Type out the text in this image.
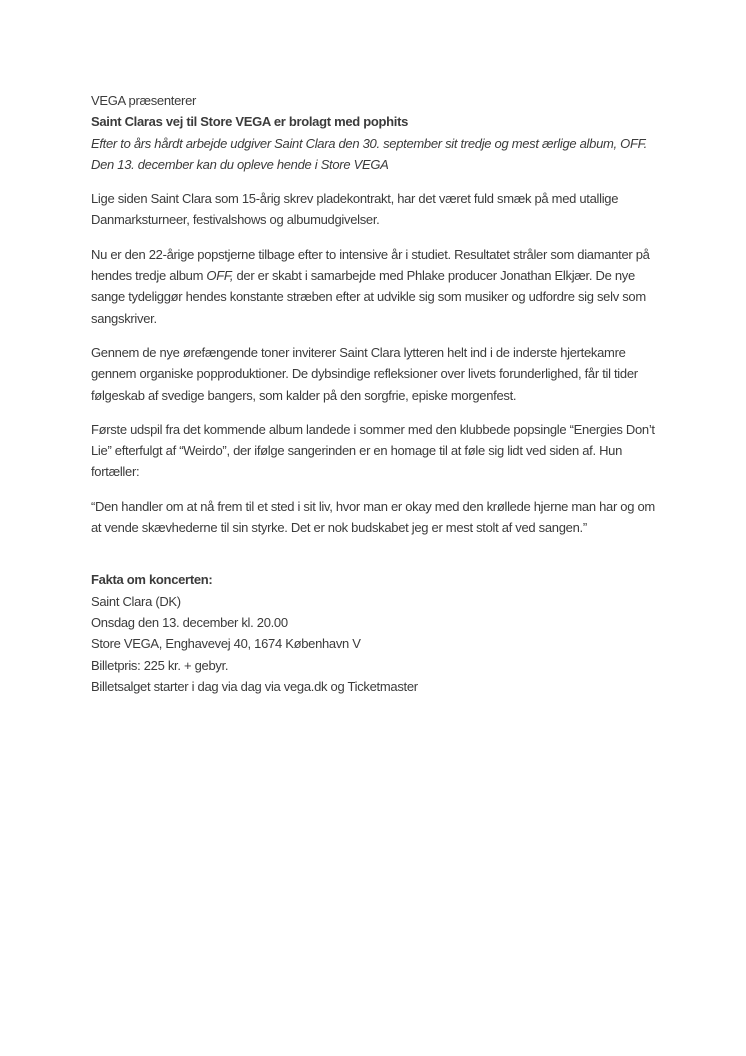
VEGA præsenterer

Saint Claras vej til Store VEGA er brolagt med pophits

Efter to års hårdt arbejde udgiver Saint Clara den 30. september sit tredje og mest ærlige album, OFF. Den 13. december kan du opleve hende i Store VEGA

Lige siden Saint Clara som 15-årig skrev pladekontrakt, har det været fuld smæk på med utallige Danmarksturneer, festivalshows og albumudgivelser.

Nu er den 22-årige popstjerne tilbage efter to intensive år i studiet. Resultatet stråler som diamanter på hendes tredje album OFF, der er skabt i samarbejde med Phlake producer Jonathan Elkjær. De nye sange tydeliggør hendes konstante stræben efter at udvikle sig som musiker og udfordre sig selv som sangskriver.

Gennem de nye ørefængende toner inviterer Saint Clara lytteren helt ind i de inderste hjertekamre gennem organiske popproduktioner. De dybsindige refleksioner over livets forunderlighed, får til tider følgeskab af svedige bangers, som kalder på den sorgfrie, episke morgenfest.

Første udspil fra det kommende album landede i sommer med den klubbede popsingle “Energies Don’t Lie” efterfulgt af “Weirdo”, der ifølge sangerinden er en homage til at føle sig lidt ved siden af. Hun fortæller:

“Den handler om at nå frem til et sted i sit liv, hvor man er okay med den krøllede hjerne man har og om at vende skævhederne til sin styrke. Det er nok budskabet jeg er mest stolt af ved sangen.”

Fakta om koncerten:

Saint Clara (DK)

Onsdag den 13. december kl. 20.00

Store VEGA, Enghavevej 40, 1674 København V

Billetpris: 225 kr. + gebyr.

Billetsalget starter i dag via dag via vega.dk og Ticketmaster
